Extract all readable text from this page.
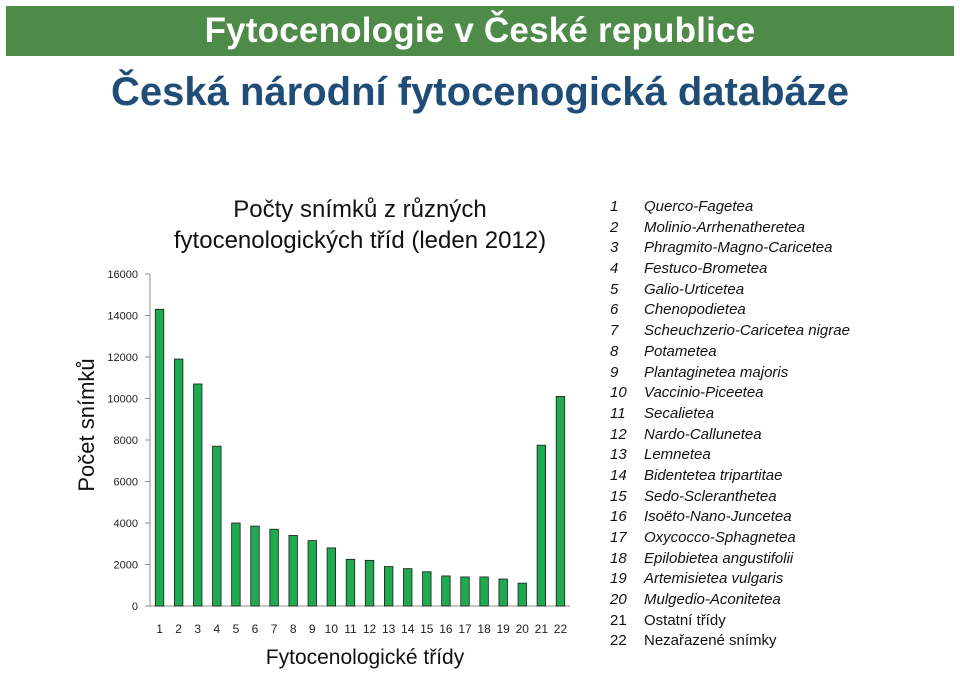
Fytocenologie v České republice
Česká národní fytocenogická databáze
Počty snímků z různých
fytocenologických tříd (leden 2012)
Počet snímků
Fytocenologické třídy
0
2000
4000
6000
8000
10000
12000
14000
16000
1 2 3 4 5 6 7 8 9 10 11 12 13 14 15 16 17 18 19 20 21 22
1 Querco-Fagetea
2 Molinio-Arrhenatheretea
3 Phragmito-Magno-Caricetea
4 Festuco-Brometea
5 Galio-Urticetea
6 Chenopodietea
7 Scheuchzerio-Caricetea nigrae
8 Potametea
9 Plantaginetea majoris
10 Vaccinio-Piceetea
11 Secalietea
12 Nardo-Callunetea
13 Lemnetea
14 Bidentetea tripartitae
15 Sedo-Scleranthetea
16 Isoëto-Nano-Juncetea
17 Oxycocco-Sphagnetea
18 Epilobietea angustifolii
19 Artemisietea vulgaris
20 Mulgedio-Aconitetea
21 Ostatní třídy
22 Nezařazené snímky
